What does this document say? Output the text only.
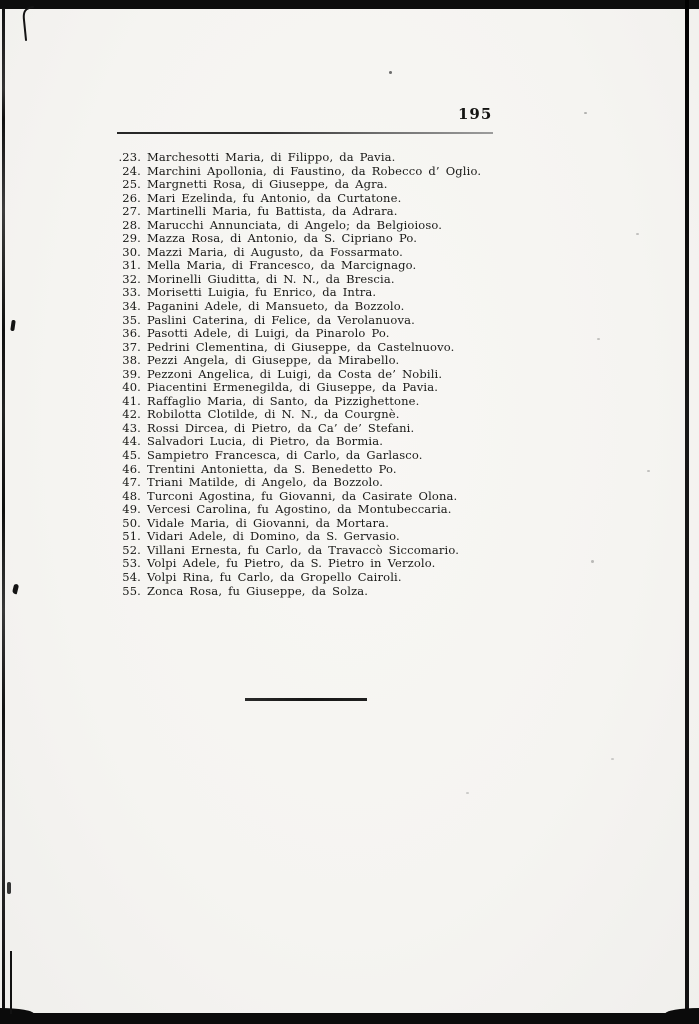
195
.23. Marchesotti Maria, di Filippo, da Pavia.
24. Marchini Apollonia, di Faustino, da Robecco d’ Oglio.
25. Margnetti Rosa, di Giuseppe, da Agra.
26. Mari Ezelinda, fu Antonio, da Curtatone.
27. Martinelli Maria, fu Battista, da Adrara.
28. Marucchi Annunciata, di Angelo; da Belgioioso.
29. Mazza Rosa, di Antonio, da S. Cipriano Po.
30. Mazzi Maria, di Augusto, da Fossarmato.
31. Mella Maria, di Francesco, da Marcignago.
32. Morinelli Giuditta, di N. N., da Brescia.
33. Morisetti Luigia, fu Enrico, da Intra.
34. Paganini Adele, di Mansueto, da Bozzolo.
35. Paslini Caterina, di Felice, da Verolanuova.
36. Pasotti Adele, di Luigi, da Pinarolo Po.
37. Pedrini Clementina, di Giuseppe, da Castelnuovo.
38. Pezzi Angela, di Giuseppe, da Mirabello.
39. Pezzoni Angelica, di Luigi, da Costa de’ Nobili.
40. Piacentini Ermenegilda, di Giuseppe, da Pavia.
41. Raffaglio Maria, di Santo, da Pizzighettone.
42. Robilotta Clotilde, di N. N., da Courgnè.
43. Rossi Dircea, di Pietro, da Ca’ de’ Stefani.
44. Salvadori Lucia, di Pietro, da Bormia.
45. Sampietro Francesca, di Carlo, da Garlasco.
46. Trentini Antonietta, da S. Benedetto Po.
47. Triani Matilde, di Angelo, da Bozzolo.
48. Turconi Agostina, fu Giovanni, da Casirate Olona.
49. Vercesi Carolina, fu Agostino, da Montubeccaria.
50. Vidale Maria, di Giovanni, da Mortara.
51. Vidari Adele, di Domino, da S. Gervasio.
52. Villani Ernesta, fu Carlo, da Travaccò Siccomario.
53. Volpi Adele, fu Pietro, da S. Pietro in Verzolo.
54. Volpi Rina, fu Carlo, da Gropello Cairoli.
55. Zonca Rosa, fu Giuseppe, da Solza.
